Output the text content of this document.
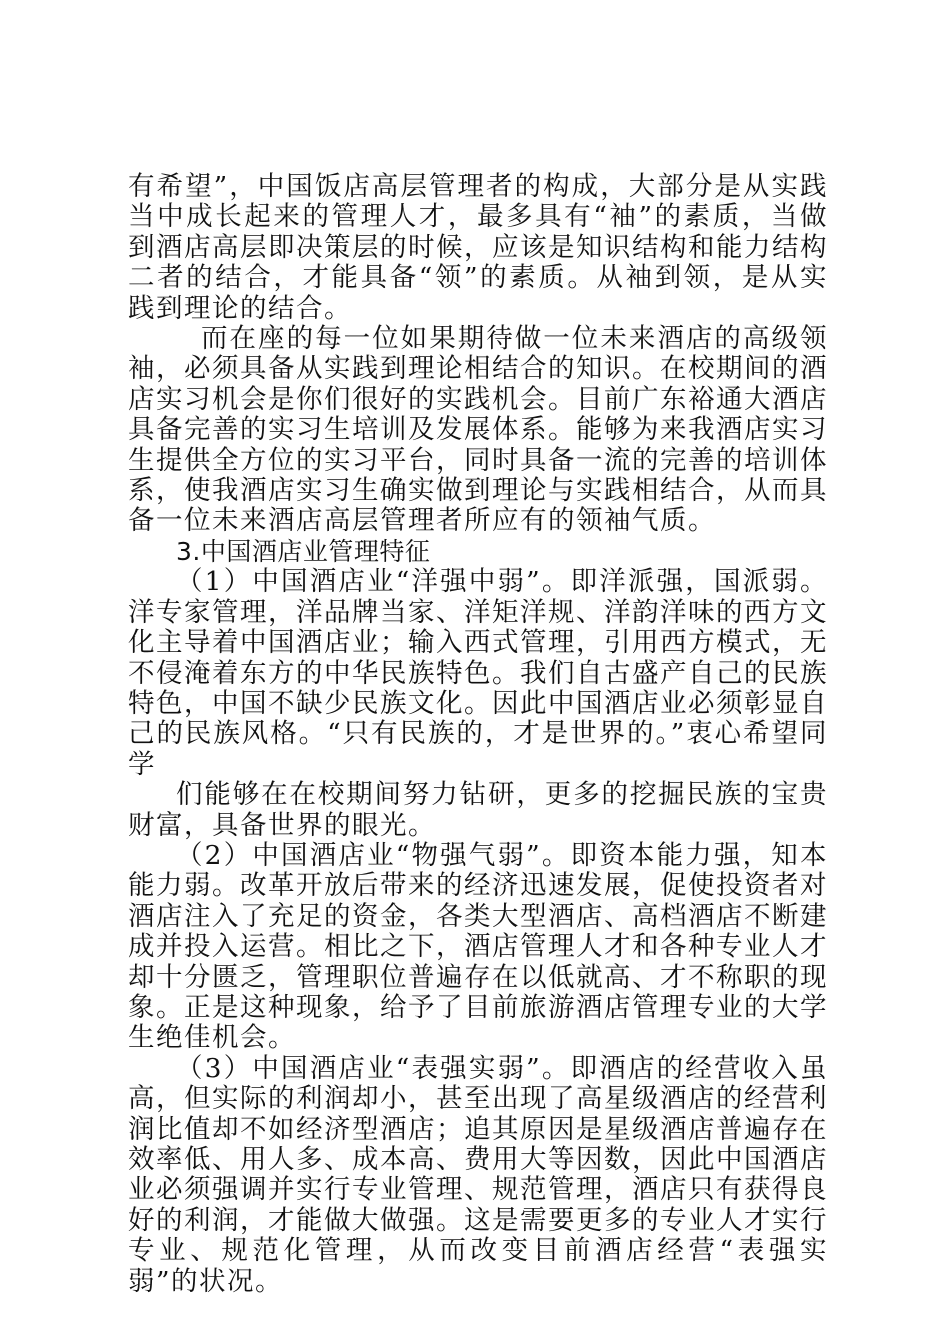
有希望”，中国饭店高层管理者的构成，大部分是从实践当中成长起来的管理人才，最多具有“袖”的素质，当做到酒店高层即决策层的时候，应该是知识结构和能力结构二者的结合，才能具备“领”的素质。从袖到领，是从实践到理论的结合。

而在座的每一位如果期待做一位未来酒店的高级领袖，必须具备从实践到理论相结合的知识。在校期间的酒店实习机会是你们很好的实践机会。目前广东裕通大酒店具备完善的实习生培训及发展体系。能够为来我酒店实习生提供全方位的实习平台，同时具备一流的完善的培训体系，使我酒店实习生确实做到理论与实践相结合，从而具备一位未来酒店高层管理者所应有的领袖气质。

3.中国酒店业管理特征

（1）中国酒店业“洋强中弱”。即洋派强，国派弱。洋专家管理，洋品牌当家、洋矩洋规、洋韵洋味的西方文化主导着中国酒店业；输入西式管理，引用西方模式，无不侵淹着东方的中华民族特色。我们自古盛产自己的民族特色，中国不缺少民族文化。因此中国酒店业必须彰显自己的民族风格。“只有民族的，才是世界的。”衷心希望同学

们能够在在校期间努力钻研，更多的挖掘民族的宝贵财富，具备世界的眼光。

（2）中国酒店业“物强气弱”。即资本能力强，知本能力弱。改革开放后带来的经济迅速发展，促使投资者对酒店注入了充足的资金，各类大型酒店、高档酒店不断建成并投入运营。相比之下，酒店管理人才和各种专业人才却十分匮乏，管理职位普遍存在以低就高、才不称职的现象。正是这种现象，给予了目前旅游酒店管理专业的大学生绝佳机会。

（3）中国酒店业“表强实弱”。即酒店的经营收入虽高，但实际的利润却小，甚至出现了高星级酒店的经营利润比值却不如经济型酒店；追其原因是星级酒店普遍存在效率低、用人多、成本高、费用大等因数，因此中国酒店业必须强调并实行专业管理、规范管理，酒店只有获得良好的利润，才能做大做强。这是需要更多的专业人才实行专业、规范化管理，从而改变目前酒店经营“表强实弱”的状况。
